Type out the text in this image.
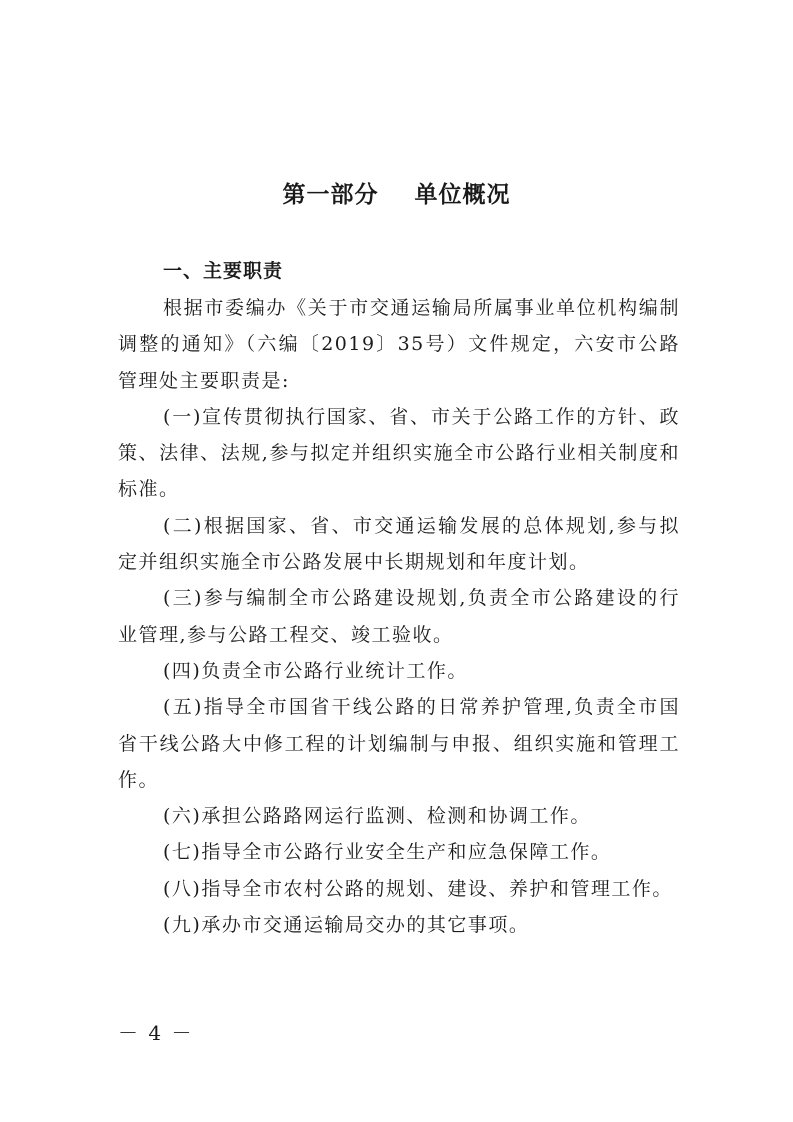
第一部分    单位概况
一、主要职责

根据市委编办《关于市交通运输局所属事业单位机构编制调整的通知》（六编〔2019〕35号）文件规定，六安市公路管理处主要职责是:

(一)宣传贯彻执行国家、省、市关于公路工作的方针、政策、法律、法规,参与拟定并组织实施全市公路行业相关制度和标准。

(二)根据国家、省、市交通运输发展的总体规划,参与拟定并组织实施全市公路发展中长期规划和年度计划。

(三)参与编制全市公路建设规划,负责全市公路建设的行业管理,参与公路工程交、竣工验收。

(四)负责全市公路行业统计工作。

(五)指导全市国省干线公路的日常养护管理,负责全市国省干线公路大中修工程的计划编制与申报、组织实施和管理工作。

(六)承担公路路网运行监测、检测和协调工作。

(七)指导全市公路行业安全生产和应急保障工作。

(八)指导全市农村公路的规划、建设、养护和管理工作。

(九)承办市交通运输局交办的其它事项。

－ 4 －
